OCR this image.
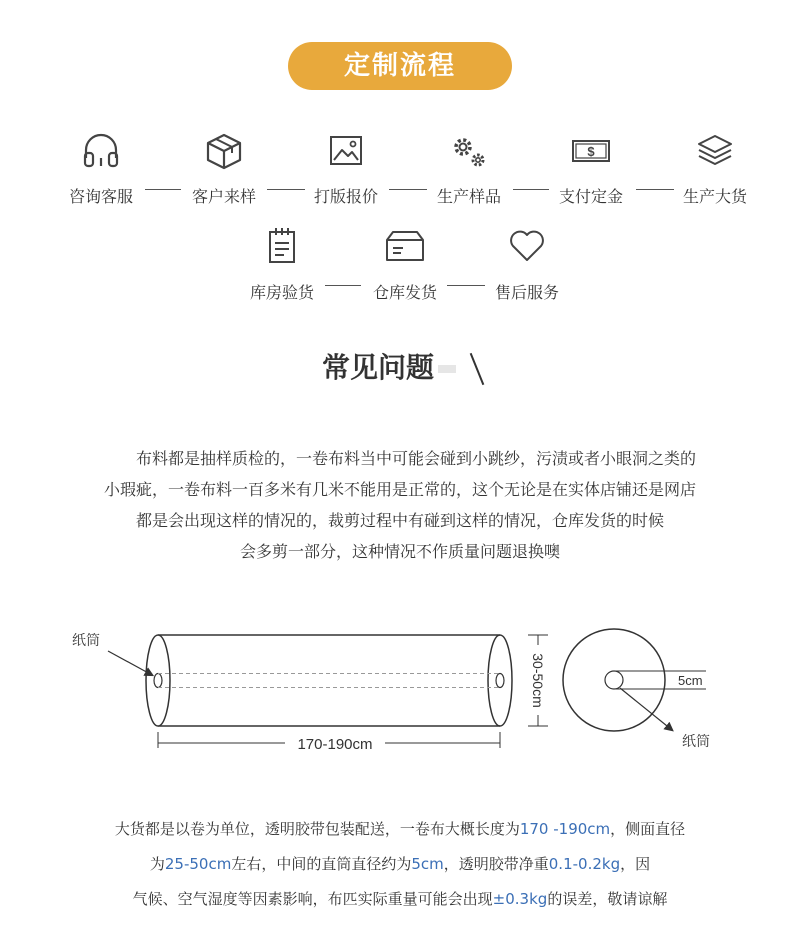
定制流程
咨询客服	客户来样	打版报价	生产样品
$
支付定金	生产大货
库房验货	仓库发货	售后服务
常见问题

布料都是抽样质检的，一卷布料当中可能会碰到小跳纱，污渍或者小眼洞之类的

小瑕疵，一卷布料一百多米有几米不能用是正常的，这个无论是在实体店铺还是网店

都是会出现这样的情况的，裁剪过程中有碰到这样的情况，仓库发货的时候

会多剪一部分，这种情况不作质量问题退换噢

纸筒
170-190cm
30-50cm	5cm
纸筒

大货都是以卷为单位，透明胶带包装配送，一卷布大概长度为170 -190cm，侧面直径

为25-50cm左右，中间的直筒直径约为5cm，透明胶带净重0.1-0.2kg，因

气候、空气湿度等因素影响，布匹实际重量可能会出现±0.3kg的误差，敬请谅解
